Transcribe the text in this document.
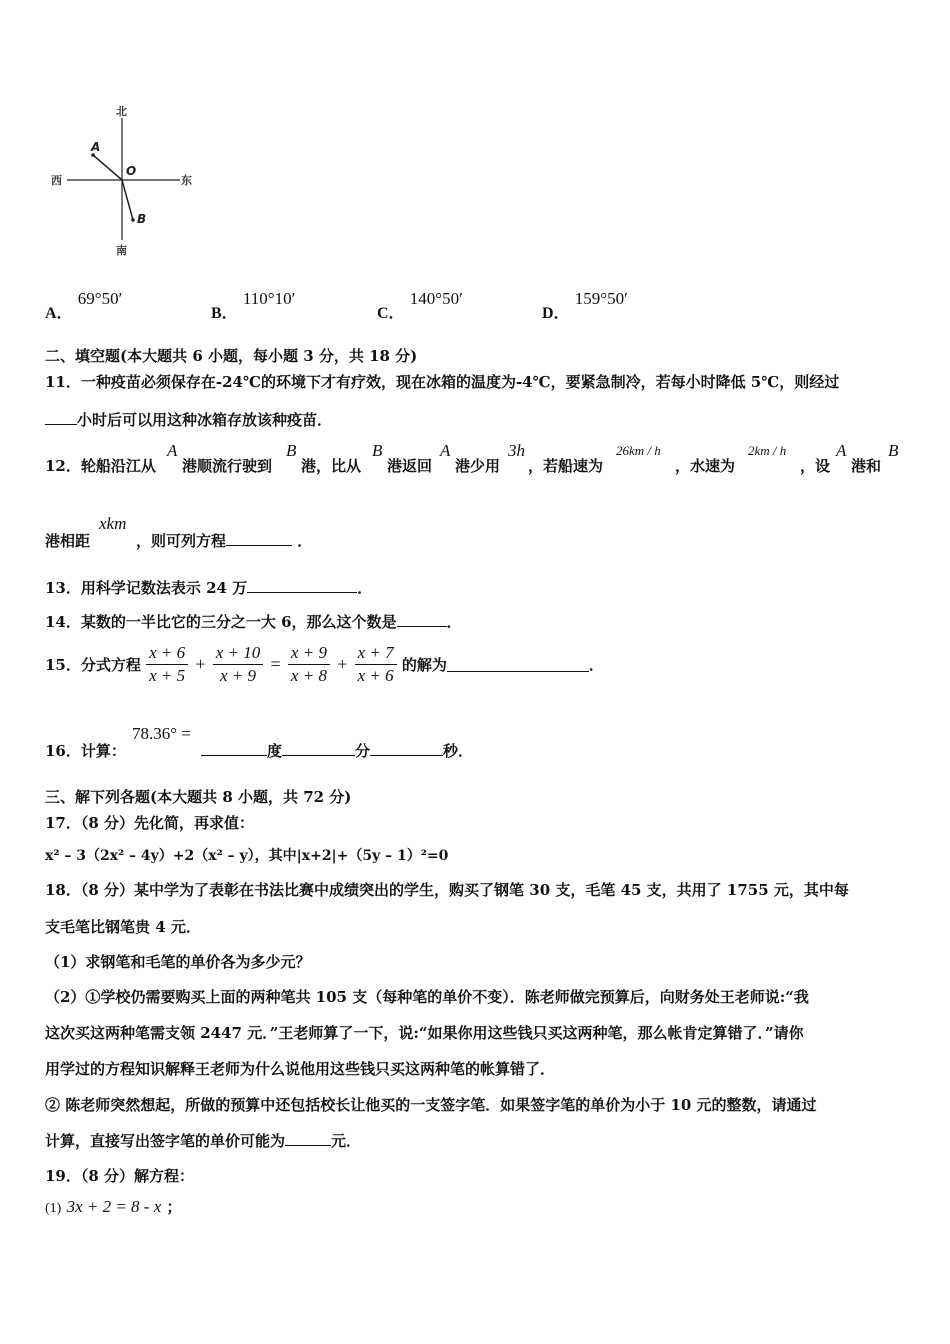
北
南
西	东
O
A
B
A． 69°50′
B． 110°10′
C． 140°50′
D． 159°50′
二、填空题(本大题共 6 小题，每小题 3 分，共 18 分)
11．一种疫苗必须保存在-24℃的环境下才有疗效，现在冰箱的温度为-4℃，要紧急制冷，若每小时降低 5℃，则经过
小时后可以用这种冰箱存放该种疫苗．
12．轮船沿江从
A
港顺流行驶到
B
港，比从
B
港返回
A
港少用
3h
，若船速为
26km / h
，水速为
2km / h
，设
A
港和
B
港相距
xkm
，则可列方程	．
13．用科学记数法表示 24 万	．
14．某数的一半比它的三分之一大 6，那么这个数是	．
15．分式方程 $\frac{x + 6}{x + 5} + \frac{x + 10}{x + 9} = \frac{x + 9}{x + 8} + \frac{x + 7}{x + 6}$ 的解为	．
16．计算：
78.36° =
度	分	秒．
三、解下列各题(本大题共 8 小题，共 72 分)
17．（8 分）先化简，再求值：
x² – 3（2x² – 4y）+2（x² – y），其中|x+2|+（5y – 1）²=0
18．（8 分）某中学为了表彰在书法比赛中成绩突出的学生，购买了钢笔 30 支，毛笔 45 支，共用了 1755 元，其中每
支毛笔比钢笔贵 4 元．
（1）求钢笔和毛笔的单价各为多少元？
（2）①学校仍需要购买上面的两种笔共 105 支（每种笔的单价不变）．陈老师做完预算后，向财务处王老师说:“我
这次买这两种笔需支领 2447 元．”王老师算了一下，说:“如果你用这些钱只买这两种笔，那么帐肯定算错了．”请你
用学过的方程知识解释王老师为什么说他用这些钱只买这两种笔的帐算错了．
② 陈老师突然想起，所做的预算中还包括校长让他买的一支签字笔．如果签字笔的单价为小于 10 元的整数，请通过
计算，直接写出签字笔的单价可能为	元．
19．（8 分）解方程：
(1) 3x + 2 = 8 - x ；
